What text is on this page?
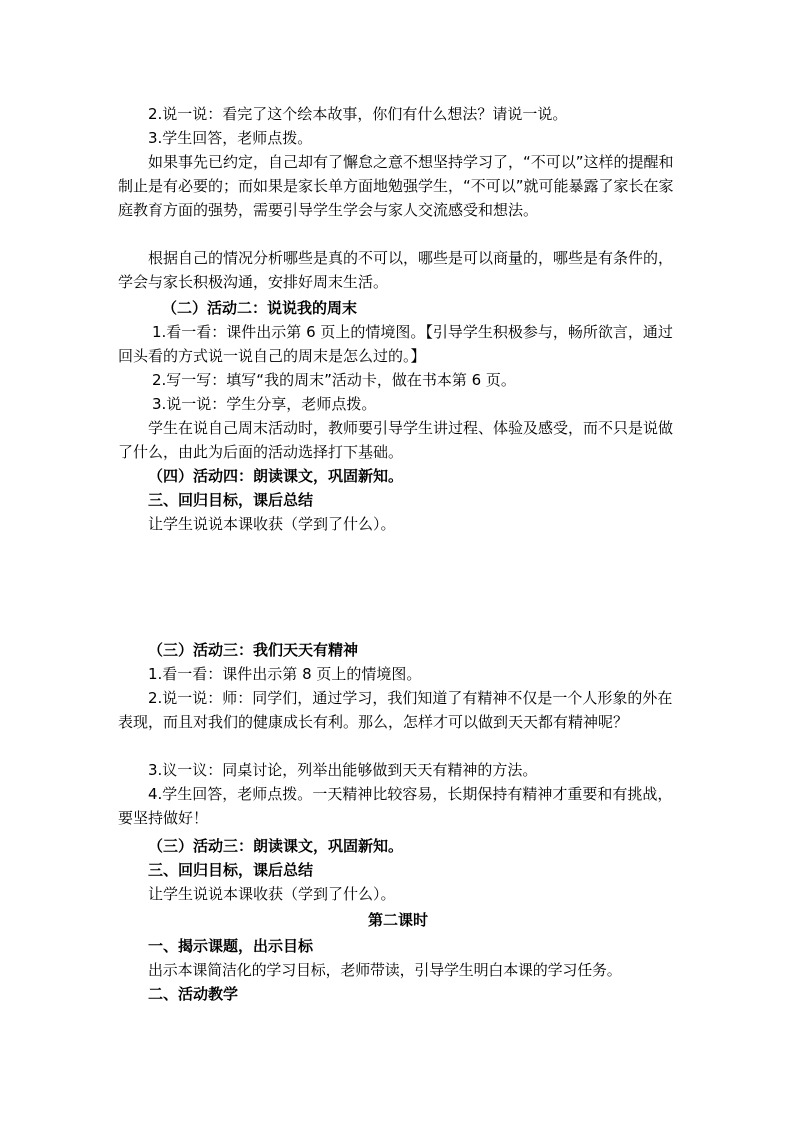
2.说一说：看完了这个绘本故事，你们有什么想法？请说一说。
3.学生回答，老师点拨。
如果事先已约定，自己却有了懈怠之意不想坚持学习了，“不可以”这样的提醒和制止是有必要的；而如果是家长单方面地勉强学生，“不可以”就可能暴露了家长在家庭教育方面的强势，需要引导学生学会与家人交流感受和想法。
根据自己的情况分析哪些是真的不可以，哪些是可以商量的，哪些是有条件的，学会与家长积极沟通，安排好周末生活。
（二）活动二：说说我的周末
1.看一看：课件出示第 6 页上的情境图。【引导学生积极参与，畅所欲言，通过回头看的方式说一说自己的周末是怎么过的。】
2.写一写：填写“我的周末”活动卡，做在书本第 6 页。
3.说一说：学生分享，老师点拨。
学生在说自己周末活动时，教师要引导学生讲过程、体验及感受，而不只是说做了什么，由此为后面的活动选择打下基础。
（四）活动四：朗读课文，巩固新知。
三、回归目标，课后总结
让学生说说本课收获（学到了什么）。
（三）活动三：我们天天有精神
1.看一看：课件出示第 8 页上的情境图。
2.说一说：师：同学们，通过学习，我们知道了有精神不仅是一个人形象的外在表现，而且对我们的健康成长有利。那么，怎样才可以做到天天都有精神呢？
3.议一议：同桌讨论，列举出能够做到天天有精神的方法。
4.学生回答，老师点拨。一天精神比较容易，长期保持有精神才重要和有挑战，要坚持做好！
（三）活动三：朗读课文，巩固新知。
三、回归目标，课后总结
让学生说说本课收获（学到了什么）。
第二课时
一、揭示课题，出示目标
出示本课简洁化的学习目标，老师带读，引导学生明白本课的学习任务。
二、活动教学
